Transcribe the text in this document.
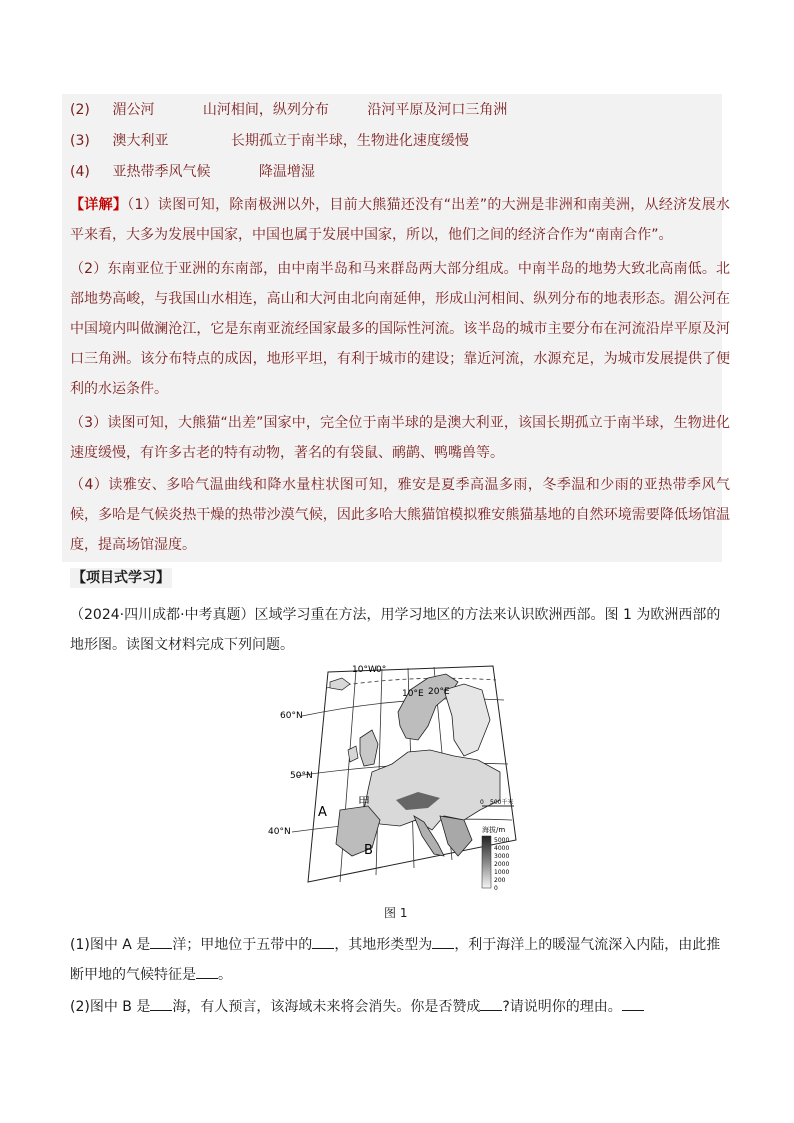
(2) 湄公河	山河相间，纵列分布	沿河平原及河口三角洲
(3) 澳大利亚	长期孤立于南半球，生物进化速度缓慢
(4) 亚热带季风气候	降温增湿
【详解】（1）读图可知，除南极洲以外，目前大熊猫还没有“出差”的大洲是非洲和南美洲，从经济发展水平来看，大多为发展中国家，中国也属于发展中国家，所以，他们之间的经济合作为“南南合作”。
（2）东南亚位于亚洲的东南部，由中南半岛和马来群岛两大部分组成。中南半岛的地势大致北高南低。北部地势高峻，与我国山水相连，高山和大河由北向南延伸，形成山河相间、纵列分布的地表形态。湄公河在中国境内叫做澜沧江，它是东南亚流经国家最多的国际性河流。该半岛的城市主要分布在河流沿岸平原及河口三角洲。该分布特点的成因，地形平坦，有利于城市的建设；靠近河流，水源充足，为城市发展提供了便利的水运条件。
（3）读图可知，大熊猫“出差”国家中，完全位于南半球的是澳大利亚，该国长期孤立于南半球，生物进化速度缓慢，有许多古老的特有动物，著名的有袋鼠、鸸鹋、鸭嘴兽等。
（4）读雅安、多哈气温曲线和降水量柱状图可知，雅安是夏季高温多雨，冬季温和少雨的亚热带季风气候，多哈是气候炎热干燥的热带沙漠气候，因此多哈大熊猫馆模拟雅安熊猫基地的自然环境需要降低场馆温度，提高场馆湿度。
【项目式学习】
（2024·四川成都·中考真题）区域学习重在方法，用学习地区的方法来认识欧洲西部。图 1 为欧洲西部的地形图。读图文材料完成下列问题。
10°W 0°
10°E 20°E
60°N
50°N
40°N
A
B
甲	0 500千米
海拔/m
5000
4000
3000
2000
1000
200
0
图 1
(1)图中 A 是 洋；甲地位于五带中的 ，其地形类型为 ，利于海洋上的暖湿气流深入内陆，由此推断甲地的气候特征是 。
(2)图中 B 是 海，有人预言，该海域未来将会消失。你是否赞成 ?请说明你的理由。
